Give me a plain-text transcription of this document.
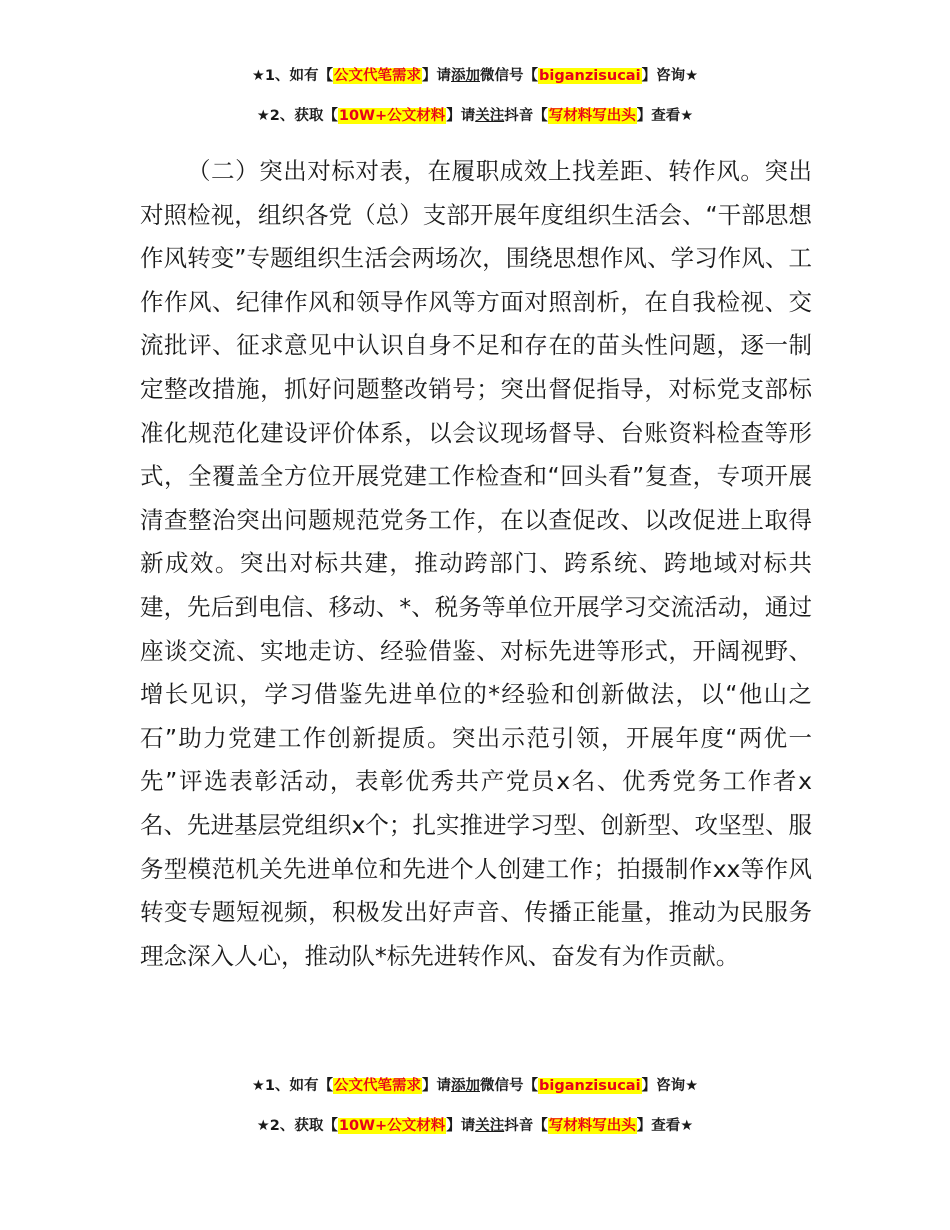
★1、如有【公文代笔需求】请添加微信号【biganzisucai】咨询★
★2、获取【10W+公文材料】请关注抖音【写材料写出头】查看★

（二）突出对标对表，在履职成效上找差距、转作风。突出对照检视，组织各党（总）支部开展年度组织生活会、“干部思想作风转变”专题组织生活会两场次，围绕思想作风、学习作风、工作作风、纪律作风和领导作风等方面对照剖析，在自我检视、交流批评、征求意见中认识自身不足和存在的苗头性问题，逐一制定整改措施，抓好问题整改销号；突出督促指导，对标党支部标准化规范化建设评价体系，以会议现场督导、台账资料检查等形式，全覆盖全方位开展党建工作检查和“回头看”复查，专项开展清查整治突出问题规范党务工作，在以查促改、以改促进上取得新成效。突出对标共建，推动跨部门、跨系统、跨地域对标共建，先后到电信、移动、*、税务等单位开展学习交流活动，通过座谈交流、实地走访、经验借鉴、对标先进等形式，开阔视野、增长见识，学习借鉴先进单位的*经验和创新做法，以“他山之石”助力党建工作创新提质。突出示范引领，开展年度“两优一先”评选表彰活动，表彰优秀共产党员x名、优秀党务工作者x名、先进基层党组织x个；扎实推进学习型、创新型、攻坚型、服务型模范机关先进单位和先进个人创建工作；拍摄制作xx等作风转变专题短视频，积极发出好声音、传播正能量，推动为民服务理念深入人心，推动队*标先进转作风、奋发有为作贡献。

★1、如有【公文代笔需求】请添加微信号【biganzisucai】咨询★
★2、获取【10W+公文材料】请关注抖音【写材料写出头】查看★
